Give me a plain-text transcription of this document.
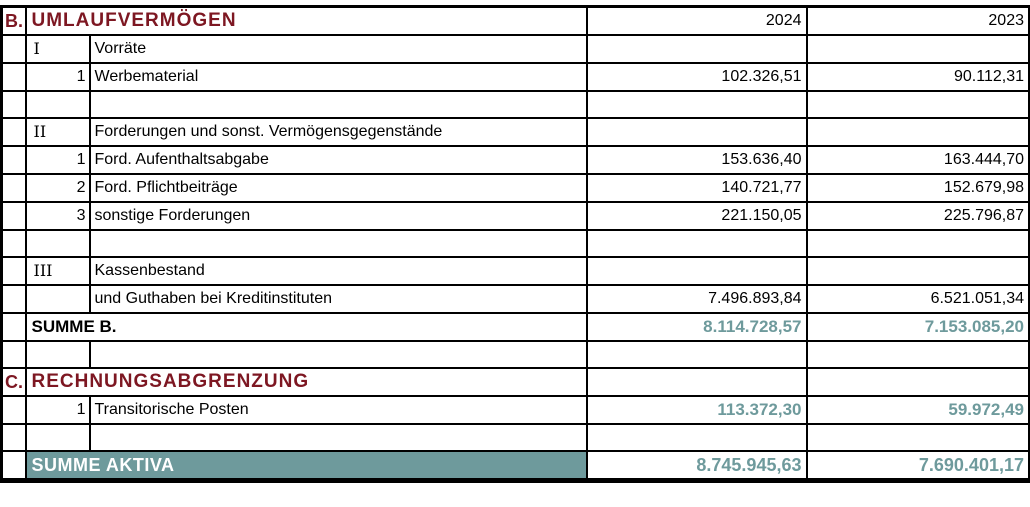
B.	UMLAUFVERMÖGEN		2024	2023
	I	Vorräte		
	1	Werbematerial	102.326,51	90.112,31

	II	Forderungen und sonst. Vermögensgegenstände		
	1	Ford. Aufenthaltsabgabe	153.636,40	163.444,70
	2	Ford. Pflichtbeiträge	140.721,77	152.679,98
	3	sonstige Forderungen	221.150,05	225.796,87

	III	Kassenbestand		
		und Guthaben bei Kreditinstituten	7.496.893,84	6.521.051,34
	SUMME B.		8.114.728,57	7.153.085,20

C.	RECHNUNGSABGRENZUNG			
	1	Transitorische Posten	113.372,30	59.972,49

	SUMME AKTIVA		8.745.945,63	7.690.401,17
